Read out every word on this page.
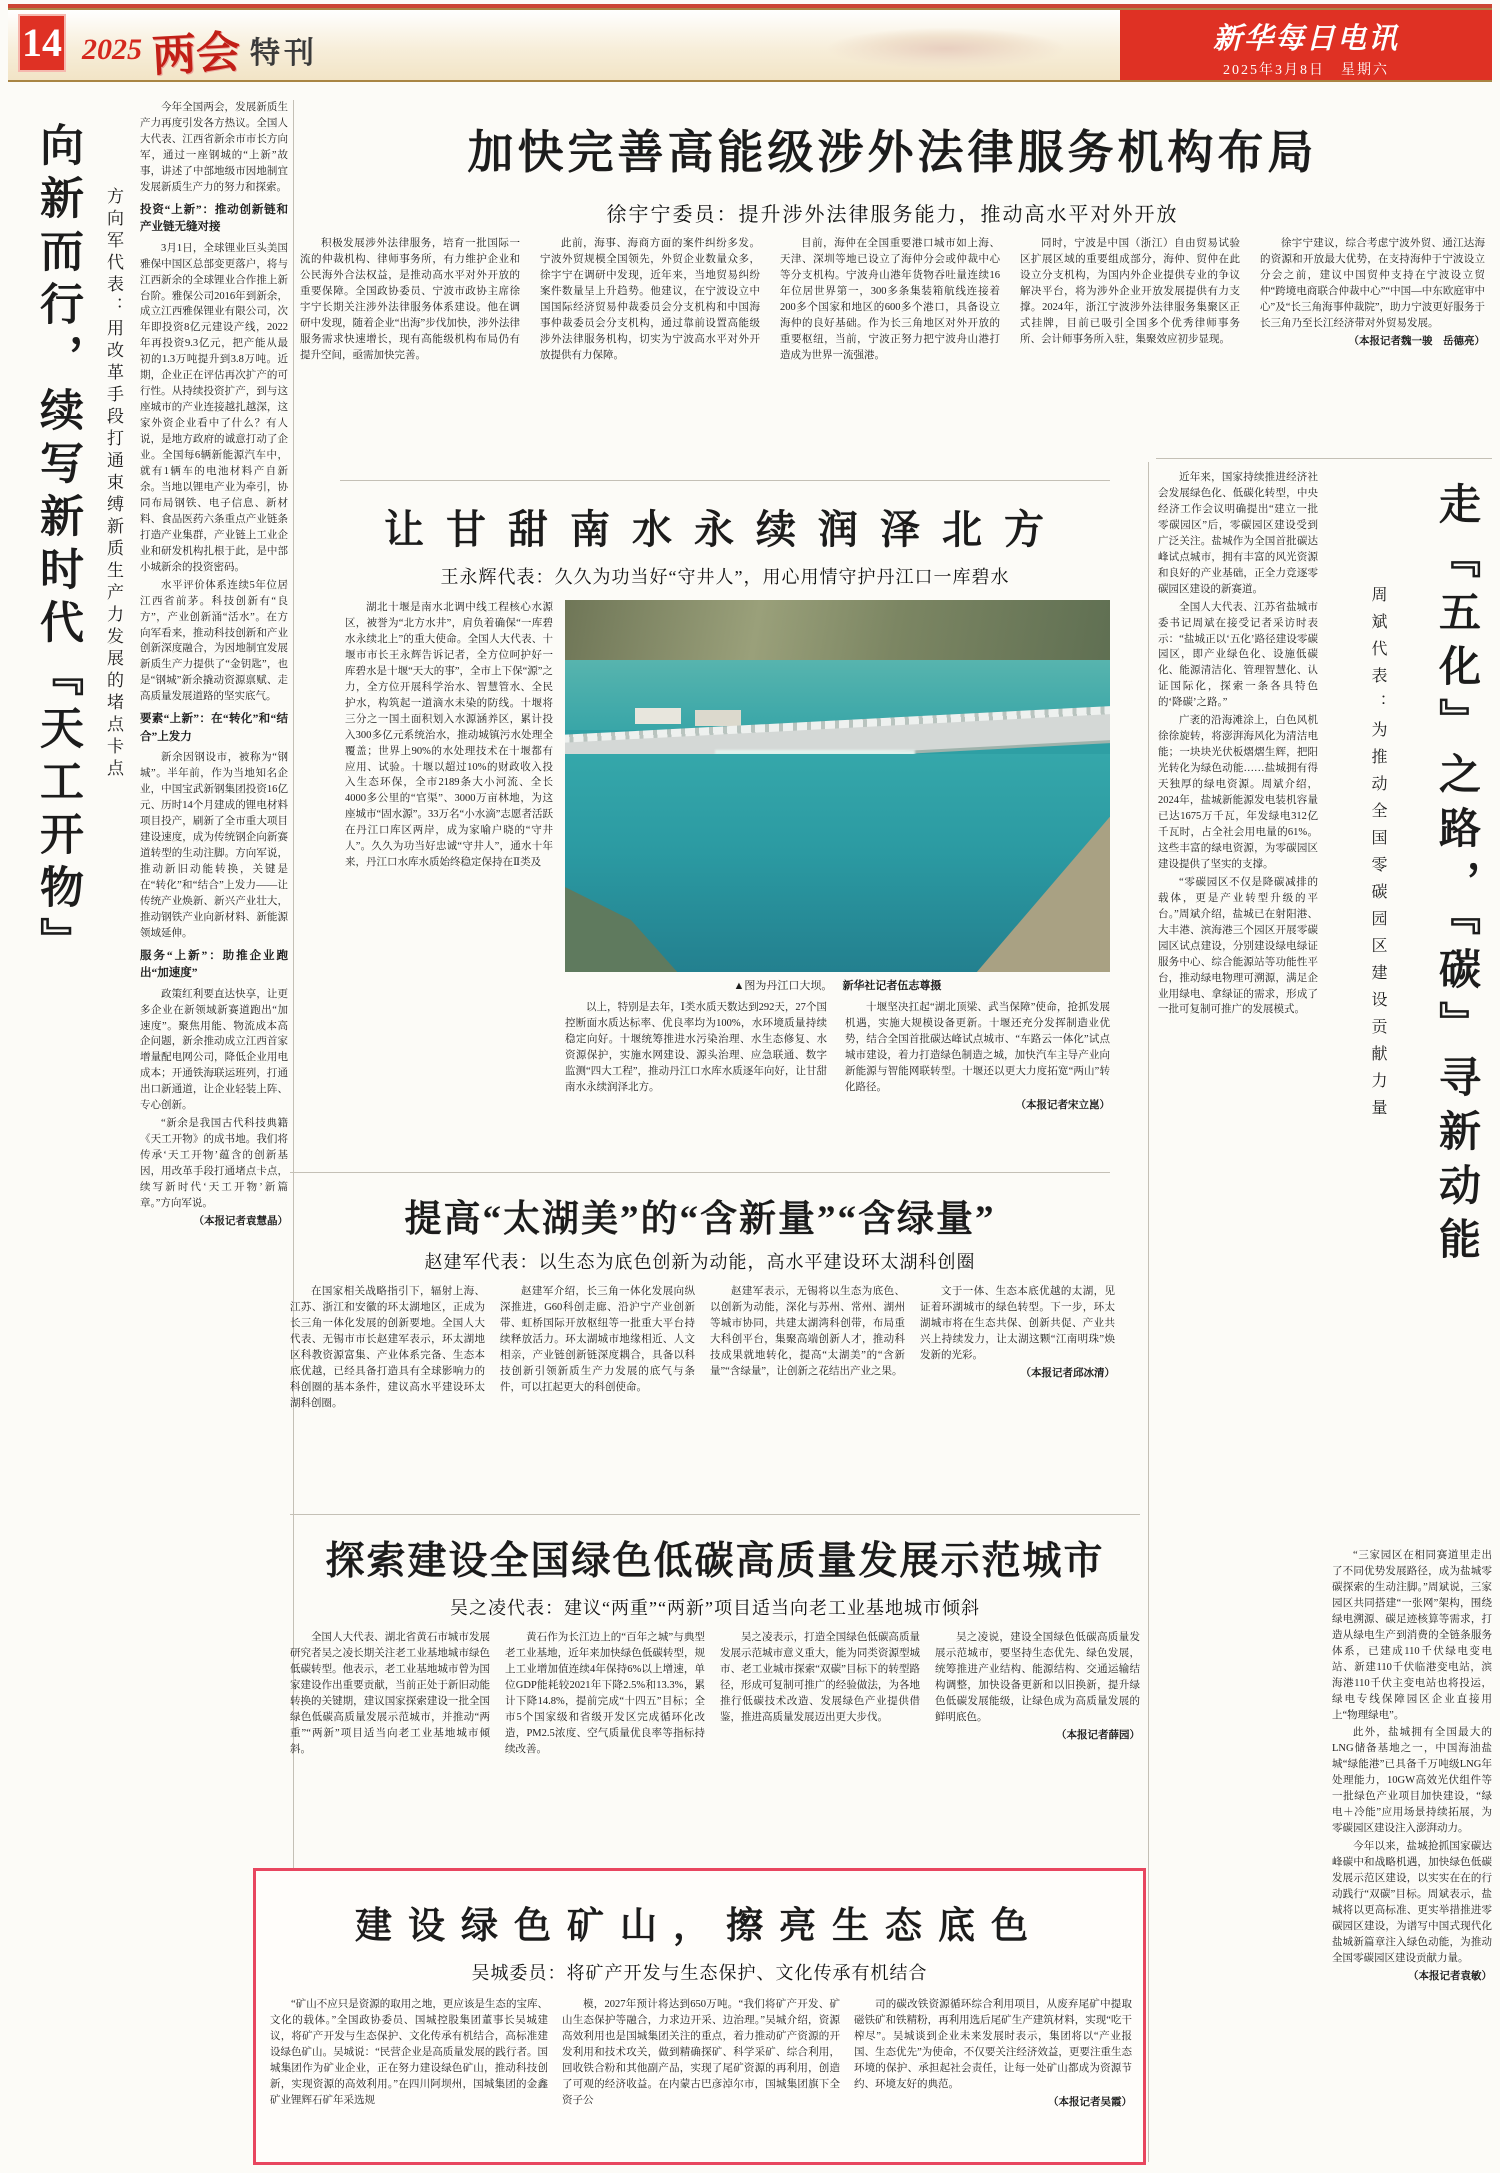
14 2025 两会 特刊	新华每日电讯
2025年3月8日　星期六
向新而行，续写新时代『天工开物』	方向军代表：用改革手段打通束缚新质生产力发展的堵点卡点

今年全国两会，发展新质生产力再度引发各方热议。全国人大代表、江西省新余市市长方向军，通过一座钢城的“上新”故事，讲述了中部地级市因地制宜发展新质生产力的努力和探索。

投资“上新”：推动创新链和产业链无缝对接

3月1日，全球锂业巨头美国雅保中国区总部变更落户，将与江西新余的全球锂业合作推上新台阶。雅保公司2016年到新余，成立江西雅保锂业有限公司，次年即投资8亿元建设产线，2022年再投资9.3亿元，把产能从最初的1.3万吨提升到3.8万吨。近期，企业正在评估再次扩产的可行性。从持续投资扩产，到与这座城市的产业连接越扎越深，这家外资企业看中了什么？有人说，是地方政府的诚意打动了企业。全国每6辆新能源汽车中，就有1辆车的电池材料产自新余。当地以锂电产业为牵引，协同布局钢铁、电子信息、新材料、食品医药六条重点产业链条打造产业集群，产业链上工业企业和研发机构扎根于此，是中部小城新余的投资密码。

水平评价体系连续5年位居江西省前茅。科技创新有“良方”，产业创新涌“活水”。在方向军看来，推动科技创新和产业创新深度融合，为因地制宜发展新质生产力提供了“金钥匙”，也是“钢城”新余撬动资源禀赋、走高质量发展道路的坚实底气。

要素“上新”：在“转化”和“结合”上发力

新余因钢设市，被称为“钢城”。半年前，作为当地知名企业，中国宝武新钢集团投资16亿元、历时14个月建成的锂电材料项目投产，刷新了全市重大项目建设速度，成为传统钢企向新赛道转型的生动注脚。方向军说，推动新旧动能转换，关键是在“转化”和“结合”上发力——让传统产业焕新、新兴产业壮大，推动钢铁产业向新材料、新能源领域延伸。

服务“上新”：助推企业跑出“加速度”

政策红利要直达快享，让更多企业在新领域新赛道跑出“加速度”。聚焦用能、物流成本高企问题，新余推动成立江西首家增量配电网公司，降低企业用电成本；开通铁海联运班列，打通出口新通道，让企业轻装上阵、专心创新。

“新余是我国古代科技典籍《天工开物》的成书地。我们将传承‘天工开物’蕴含的创新基因，用改革手段打通堵点卡点，续写新时代‘天工开物’新篇章。”方向军说。

（本报记者袁慧晶）
加快完善高能级涉外法律服务机构布局
徐宇宁委员：提升涉外法律服务能力，推动高水平对外开放

积极发展涉外法律服务，培育一批国际一流的仲裁机构、律师事务所，有力维护企业和公民海外合法权益，是推动高水平对外开放的重要保障。全国政协委员、宁波市政协主席徐宇宁长期关注涉外法律服务体系建设。他在调研中发现，随着企业“出海”步伐加快，涉外法律服务需求快速增长，现有高能级机构布局仍有提升空间，亟需加快完善。

此前，海事、海商方面的案件纠纷多发。宁波外贸规模全国领先，外贸企业数量众多，徐宇宁在调研中发现，近年来，当地贸易纠纷案件数量呈上升趋势。他建议，在宁波设立中国国际经济贸易仲裁委员会分支机构和中国海事仲裁委员会分支机构，通过靠前设置高能级涉外法律服务机构，切实为宁波高水平对外开放提供有力保障。

目前，海仲在全国重要港口城市如上海、天津、深圳等地已设立了海仲分会或仲裁中心等分支机构。宁波舟山港年货物吞吐量连续16年位居世界第一，300多条集装箱航线连接着200多个国家和地区的600多个港口，具备设立海仲的良好基础。作为长三角地区对外开放的重要枢纽，当前，宁波正努力把宁波舟山港打造成为世界一流强港。

同时，宁波是中国（浙江）自由贸易试验区扩展区域的重要组成部分，海仲、贸仲在此设立分支机构，为国内外企业提供专业的争议解决平台，将为涉外企业开放发展提供有力支撑。2024年，浙江宁波涉外法律服务集聚区正式挂牌，目前已吸引全国多个优秀律师事务所、会计师事务所入驻，集聚效应初步显现。

徐宇宁建议，综合考虑宁波外贸、通江达海的资源和开放最大优势，在支持海仲于宁波设立分会之前，建议中国贸仲支持在宁波设立贸仲“跨境电商联合仲裁中心”“中国—中东欧庭审中心”及“长三角海事仲裁院”，助力宁波更好服务于长三角乃至长江经济带对外贸易发展。

（本报记者魏一骏　岳德亮）
让甘甜南水永续润泽北方
王永辉代表：久久为功当好“守井人”，用心用情守护丹江口一库碧水

湖北十堰是南水北调中线工程核心水源区，被誉为“北方水井”，肩负着确保“一库碧水永续北上”的重大使命。全国人大代表、十堰市市长王永辉告诉记者，全方位呵护好一库碧水是十堰“天大的事”，全市上下保“源”之力，全方位开展科学治水、智慧管水、全民护水，构筑起一道滴水未染的防线。十堰将三分之一国土面积划入水源涵养区，累计投入300多亿元系统治水，推动城镇污水处理全覆盖；世界上90%的水处理技术在十堰都有应用、试验。十堰以超过10%的财政收入投入生态环保，全市2189条大小河流、全长4000多公里的“官渠”、3000万亩林地，为这座城市“固水源”。33万名“小水滴”志愿者活跃在丹江口库区两岸，成为家喻户晓的“守井人”。久久为功当好忠诚“守井人”，通水十年来，丹江口水库水质始终稳定保持在Ⅱ类及

▲图为丹江口大坝。 新华社记者伍志尊摄

以上，特别是去年，Ⅰ类水质天数达到292天，27个国控断面水质达标率、优良率均为100%，水环境质量持续稳定向好。十堰统筹推进水污染治理、水生态修复、水资源保护，实施水网建设、源头治理、应急联通、数字监测“四大工程”，推动丹江口水库水质逐年向好，让甘甜南水永续润泽北方。

十堰坚决扛起“湖北顶梁、武当保障”使命，抢抓发展机遇，实施大规模设备更新。十堰还充分发挥制造业优势，结合全国首批碳达峰试点城市、“车路云一体化”试点城市建设，着力打造绿色制造之城，加快汽车主导产业向新能源与智能网联转型。十堰还以更大力度拓宽“两山”转化路径。

（本报记者宋立崑）
提高“太湖美”的“含新量”“含绿量”
赵建军代表：以生态为底色创新为动能，高水平建设环太湖科创圈

在国家相关战略指引下，辐射上海、江苏、浙江和安徽的环太湖地区，正成为长三角一体化发展的创新要地。全国人大代表、无锡市市长赵建军表示，环太湖地区科教资源富集、产业体系完备、生态本底优越，已经具备打造具有全球影响力的科创圈的基本条件，建议高水平建设环太湖科创圈。

赵建军介绍，长三角一体化发展向纵深推进，G60科创走廊、沿沪宁产业创新带、虹桥国际开放枢纽等一批重大平台持续释放活力。环太湖城市地缘相近、人文相亲，产业链创新链深度耦合，具备以科技创新引领新质生产力发展的底气与条件，可以扛起更大的科创使命。

赵建军表示，无锡将以生态为底色、以创新为动能，深化与苏州、常州、湖州等城市协同，共建太湖湾科创带，布局重大科创平台，集聚高端创新人才，推动科技成果就地转化，提高“太湖美”的“含新量”“含绿量”，让创新之花结出产业之果。

文于一体、生态本底优越的太湖，见证着环湖城市的绿色转型。下一步，环太湖城市将在生态共保、创新共促、产业共兴上持续发力，让太湖这颗“江南明珠”焕发新的光彩。

（本报记者邱冰清）
探索建设全国绿色低碳高质量发展示范城市
吴之凌代表：建议“两重”“两新”项目适当向老工业基地城市倾斜

全国人大代表、湖北省黄石市城市发展研究者吴之凌长期关注老工业基地城市绿色低碳转型。他表示，老工业基地城市曾为国家建设作出重要贡献，当前正处于新旧动能转换的关键期，建议国家探索建设一批全国绿色低碳高质量发展示范城市，并推动“两重”“两新”项目适当向老工业基地城市倾斜。

黄石作为长江边上的“百年之城”与典型老工业基地，近年来加快绿色低碳转型，规上工业增加值连续4年保持6%以上增速，单位GDP能耗较2021年下降2.5%和13.3%，累计下降14.8%，提前完成“十四五”目标；全市5个国家级和省级开发区完成循环化改造，PM2.5浓度、空气质量优良率等指标持续改善。

吴之凌表示，打造全国绿色低碳高质量发展示范城市意义重大，能为同类资源型城市、老工业城市探索“双碳”目标下的转型路径，形成可复制可推广的经验做法，为各地推行低碳技术改造、发展绿色产业提供借鉴，推进高质量发展迈出更大步伐。

吴之凌说，建设全国绿色低碳高质量发展示范城市，要坚持生态优先、绿色发展，统筹推进产业结构、能源结构、交通运输结构调整，加快设备更新和以旧换新，提升绿色低碳发展能级，让绿色成为高质量发展的鲜明底色。

（本报记者薛园）
建设绿色矿山，擦亮生态底色
吴城委员：将矿产开发与生态保护、文化传承有机结合

“矿山不应只是资源的取用之地，更应该是生态的宝库、文化的载体。”全国政协委员、国城控股集团董事长吴城建议，将矿产开发与生态保护、文化传承有机结合，高标准建设绿色矿山。吴城说：“民营企业是高质量发展的践行者。国城集团作为矿业企业，正在努力建设绿色矿山，推动科技创新，实现资源的高效利用。”在四川阿坝州，国城集团的金鑫矿业锂辉石矿年采选规

模，2027年预计将达到650万吨。“我们将矿产开发、矿山生态保护等融合，力求边开采、边治理。”吴城介绍，资源高效利用也是国城集团关注的重点，着力推动矿产资源的开发利用和技术攻关，做到精确探矿、科学采矿、综合利用，回收铁合粉和其他副产品，实现了尾矿资源的再利用，创造了可观的经济收益。在内蒙古巴彦淖尔市，国城集团旗下全资子公

司的碳改铁资源循环综合利用项目，从废弃尾矿中提取磁铁矿和铁精粉，再利用选后尾矿生产建筑材料，实现“吃干榨尽”。吴城谈到企业未来发展时表示，集团将以“产业报国、生态优先”为使命，不仅要关注经济效益，更要注重生态环境的保护、承担起社会责任，让每一处矿山都成为资源节约、环境友好的典范。

（本报记者吴霞）

近年来，国家持续推进经济社会发展绿色化、低碳化转型，中央经济工作会议明确提出“建立一批零碳园区”后，零碳园区建设受到广泛关注。盐城作为全国首批碳达峰试点城市，拥有丰富的风光资源和良好的产业基础，正全力竞逐零碳园区建设的新赛道。

全国人大代表、江苏省盐城市委书记周斌在接受记者采访时表示：“盐城正以‘五化’路径建设零碳园区，即产业绿色化、设施低碳化、能源清洁化、管理智慧化、认证国际化，探索一条各具特色的‘降碳’之路。”

广袤的沿海滩涂上，白色风机徐徐旋转，将澎湃海风化为清洁电能；一块块光伏板熠熠生辉，把阳光转化为绿色动能……盐城拥有得天独厚的绿电资源。周斌介绍，2024年，盐城新能源发电装机容量已达1675万千瓦，年发绿电312亿千瓦时，占全社会用电量的61%。这些丰富的绿电资源，为零碳园区建设提供了坚实的支撑。

“零碳园区不仅是降碳减排的载体，更是产业转型升级的平台。”周斌介绍，盐城已在射阳港、大丰港、滨海港三个园区开展零碳园区试点建设，分别建设绿电绿证服务中心、综合能源站等功能性平台，推动绿电物理可溯源，满足企业用绿电、拿绿证的需求，形成了一批可复制可推广的发展模式。	走『五化』之路，『碳』寻新动能

周斌代表：为推动全国零碳园区建设贡献力量

“三家园区在相同赛道里走出了不同优势发展路径，成为盐城零碳探索的生动注脚。”周斌说，三家园区共同搭建“一张网”架构，围绕绿电溯源、碳足迹核算等需求，打造从绿电生产到消费的全链条服务体系，已建成110千伏绿电变电站、新建110千伏临港变电站，滨海港110千伏主变电站也将投运，绿电专线保障园区企业直接用上“物理绿电”。

此外，盐城拥有全国最大的LNG储备基地之一，中国海油盐城“绿能港”已具备千万吨级LNG年处理能力，10GW高效光伏组件等一批绿色产业项目加快建设，“绿电＋冷能”应用场景持续拓展，为零碳园区建设注入澎湃动力。

今年以来，盐城抢抓国家碳达峰碳中和战略机遇，加快绿色低碳发展示范区建设，以实实在在的行动践行“双碳”目标。周斌表示，盐城将以更高标准、更实举措推进零碳园区建设，为谱写中国式现代化盐城新篇章注入绿色动能，为推动全国零碳园区建设贡献力量。

（本报记者袁敏）
